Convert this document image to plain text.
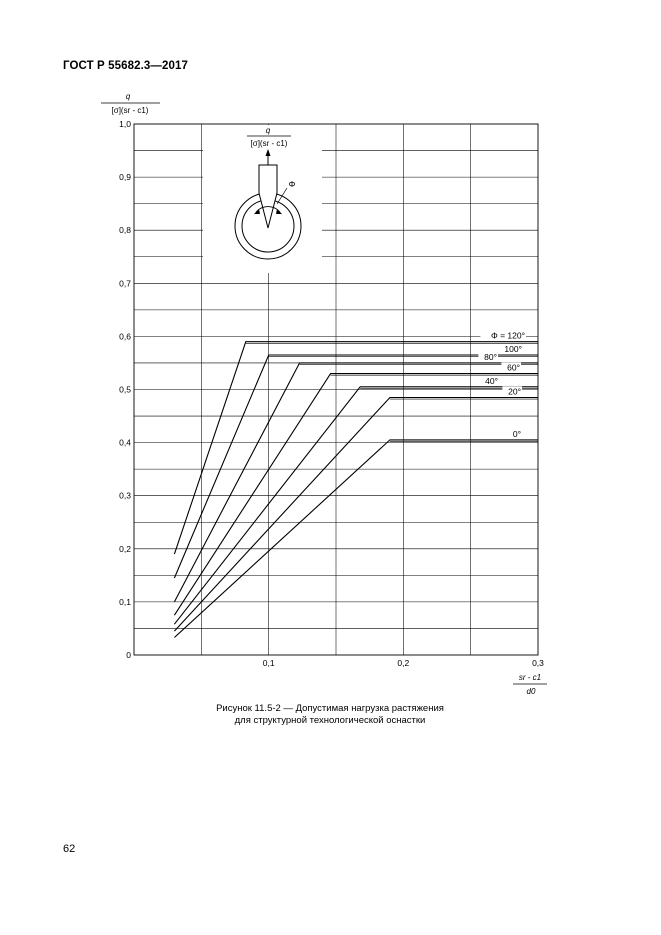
ГОСТ Р 55682.3—2017
0
0,1
0,2
0,3
0,4
0,5
0,6
0,7
0,8
0,9
1,0
0,1	0,2	0,3
Φ = 120°
100°
80°
60°
40°
20°
0°
q
[σ](sr - c1)
sr - c1
d0
q
[σ](sr - c1)
Φ
Рисунок 11.5-2 — Допустимая нагрузка растяжения
для структурной технологической оснастки
62
